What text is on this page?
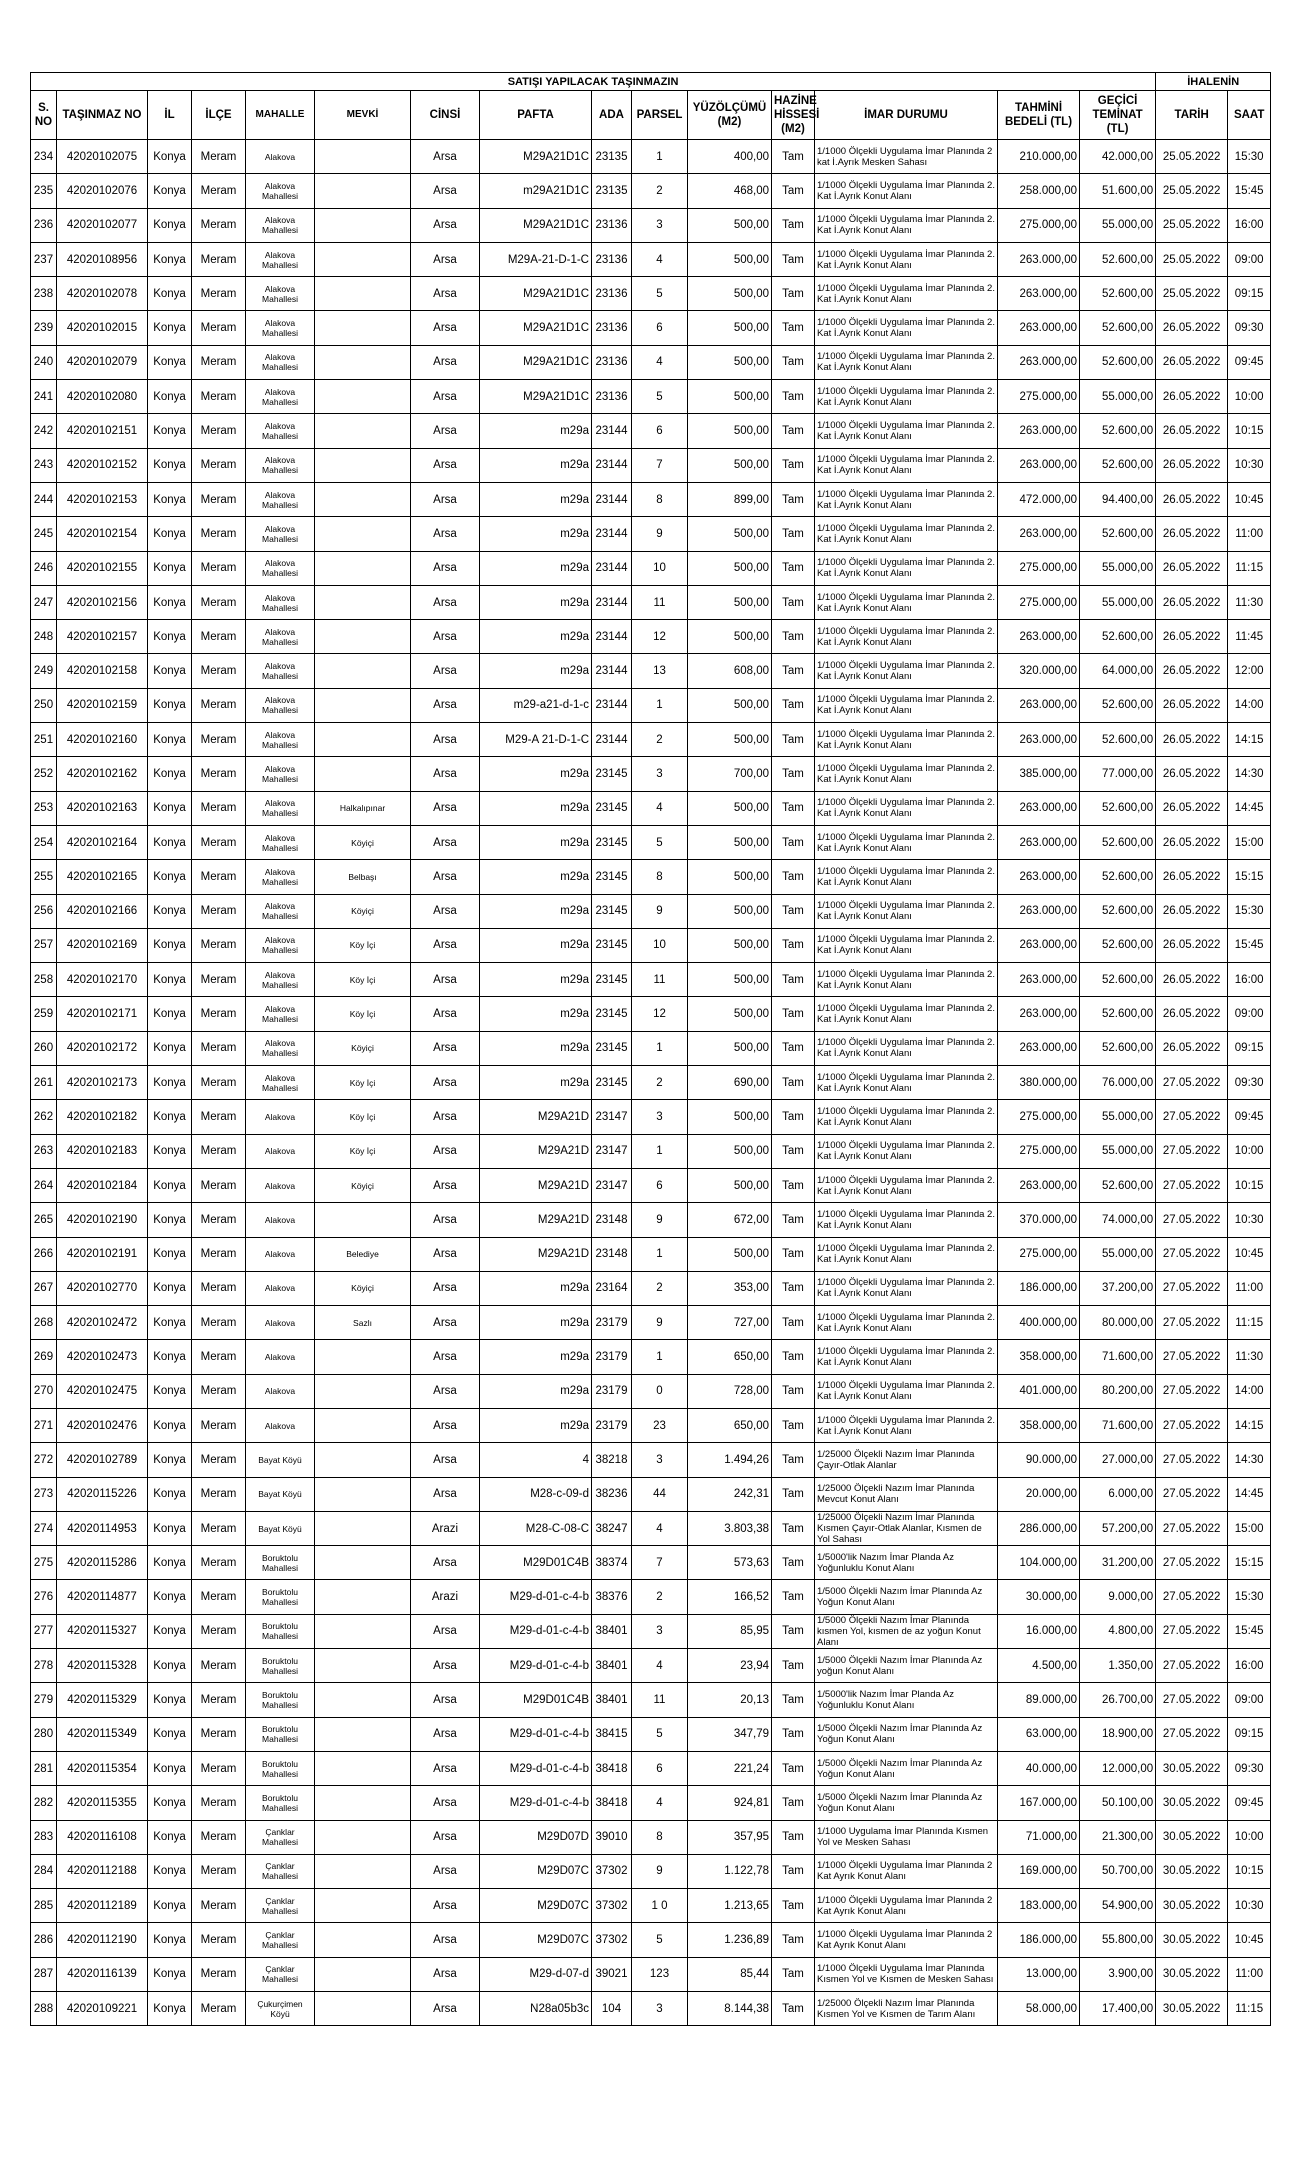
SATIŞI YAPILACAK TAŞINMAZIN															İHALENİN	
S. NO	TAŞINMAZ NO	İL	İLÇE	MAHALLE	MEVKİ	CİNSİ	PAFTA	ADA	PARSEL	YÜZÖLÇÜMÜ (M2)	HAZİNE HİSSESİ (M2)	İMAR DURUMU	TAHMİNİ BEDELİ (TL)	GEÇİCİ TEMİNAT (TL)	TARİH	SAAT
234	42020102075	Konya	Meram	Alakova		Arsa	M29A21D1C	23135	1	400,00	Tam	1/1000 Ölçekli Uygulama İmar Planında 2 kat İ.Ayrık Mesken Sahası	210.000,00	42.000,00	25.05.2022	15:30
235	42020102076	Konya	Meram	Alakova Mahallesi		Arsa	m29A21D1C	23135	2	468,00	Tam	1/1000 Ölçekli Uygulama İmar Planında 2. Kat İ.Ayrık Konut Alanı	258.000,00	51.600,00	25.05.2022	15:45
236	42020102077	Konya	Meram	Alakova Mahallesi		Arsa	M29A21D1C	23136	3	500,00	Tam	1/1000 Ölçekli Uygulama İmar Planında 2. Kat İ.Ayrık Konut Alanı	275.000,00	55.000,00	25.05.2022	16:00
237	42020108956	Konya	Meram	Alakova Mahallesi		Arsa	M29A-21-D-1-C	23136	4	500,00	Tam	1/1000 Ölçekli Uygulama İmar Planında 2. Kat İ.Ayrık Konut Alanı	263.000,00	52.600,00	25.05.2022	09:00
238	42020102078	Konya	Meram	Alakova Mahallesi		Arsa	M29A21D1C	23136	5	500,00	Tam	1/1000 Ölçekli Uygulama İmar Planında 2. Kat İ.Ayrık Konut Alanı	263.000,00	52.600,00	25.05.2022	09:15
239	42020102015	Konya	Meram	Alakova Mahallesi		Arsa	M29A21D1C	23136	6	500,00	Tam	1/1000 Ölçekli Uygulama İmar Planında 2. Kat İ.Ayrık Konut Alanı	263.000,00	52.600,00	26.05.2022	09:30
240	42020102079	Konya	Meram	Alakova Mahallesi		Arsa	M29A21D1C	23136	4	500,00	Tam	1/1000 Ölçekli Uygulama İmar Planında 2. Kat İ.Ayrık Konut Alanı	263.000,00	52.600,00	26.05.2022	09:45
241	42020102080	Konya	Meram	Alakova Mahallesi		Arsa	M29A21D1C	23136	5	500,00	Tam	1/1000 Ölçekli Uygulama İmar Planında 2. Kat İ.Ayrık Konut Alanı	275.000,00	55.000,00	26.05.2022	10:00
242	42020102151	Konya	Meram	Alakova Mahallesi		Arsa	m29a	23144	6	500,00	Tam	1/1000 Ölçekli Uygulama İmar Planında 2. Kat İ.Ayrık Konut Alanı	263.000,00	52.600,00	26.05.2022	10:15
243	42020102152	Konya	Meram	Alakova Mahallesi		Arsa	m29a	23144	7	500,00	Tam	1/1000 Ölçekli Uygulama İmar Planında 2. Kat İ.Ayrık Konut Alanı	263.000,00	52.600,00	26.05.2022	10:30
244	42020102153	Konya	Meram	Alakova Mahallesi		Arsa	m29a	23144	8	899,00	Tam	1/1000 Ölçekli Uygulama İmar Planında 2. Kat İ.Ayrık Konut Alanı	472.000,00	94.400,00	26.05.2022	10:45
245	42020102154	Konya	Meram	Alakova Mahallesi		Arsa	m29a	23144	9	500,00	Tam	1/1000 Ölçekli Uygulama İmar Planında 2. Kat İ.Ayrık Konut Alanı	263.000,00	52.600,00	26.05.2022	11:00
246	42020102155	Konya	Meram	Alakova Mahallesi		Arsa	m29a	23144	10	500,00	Tam	1/1000 Ölçekli Uygulama İmar Planında 2. Kat İ.Ayrık Konut Alanı	275.000,00	55.000,00	26.05.2022	11:15
247	42020102156	Konya	Meram	Alakova Mahallesi		Arsa	m29a	23144	11	500,00	Tam	1/1000 Ölçekli Uygulama İmar Planında 2. Kat İ.Ayrık Konut Alanı	275.000,00	55.000,00	26.05.2022	11:30
248	42020102157	Konya	Meram	Alakova Mahallesi		Arsa	m29a	23144	12	500,00	Tam	1/1000 Ölçekli Uygulama İmar Planında 2. Kat İ.Ayrık Konut Alanı	263.000,00	52.600,00	26.05.2022	11:45
249	42020102158	Konya	Meram	Alakova Mahallesi		Arsa	m29a	23144	13	608,00	Tam	1/1000 Ölçekli Uygulama İmar Planında 2. Kat İ.Ayrık Konut Alanı	320.000,00	64.000,00	26.05.2022	12:00
250	42020102159	Konya	Meram	Alakova Mahallesi		Arsa	m29-a21-d-1-c	23144	1	500,00	Tam	1/1000 Ölçekli Uygulama İmar Planında 2. Kat İ.Ayrık Konut Alanı	263.000,00	52.600,00	26.05.2022	14:00
251	42020102160	Konya	Meram	Alakova Mahallesi		Arsa	M29-A 21-D-1-C	23144	2	500,00	Tam	1/1000 Ölçekli Uygulama İmar Planında 2. Kat İ.Ayrık Konut Alanı	263.000,00	52.600,00	26.05.2022	14:15
252	42020102162	Konya	Meram	Alakova Mahallesi		Arsa	m29a	23145	3	700,00	Tam	1/1000 Ölçekli Uygulama İmar Planında 2. Kat İ.Ayrık Konut Alanı	385.000,00	77.000,00	26.05.2022	14:30
253	42020102163	Konya	Meram	Alakova Mahallesi	Halkalıpınar	Arsa	m29a	23145	4	500,00	Tam	1/1000 Ölçekli Uygulama İmar Planında 2. Kat İ.Ayrık Konut Alanı	263.000,00	52.600,00	26.05.2022	14:45
254	42020102164	Konya	Meram	Alakova Mahallesi	Köyiçi	Arsa	m29a	23145	5	500,00	Tam	1/1000 Ölçekli Uygulama İmar Planında 2. Kat İ.Ayrık Konut Alanı	263.000,00	52.600,00	26.05.2022	15:00
255	42020102165	Konya	Meram	Alakova Mahallesi	Belbaşı	Arsa	m29a	23145	8	500,00	Tam	1/1000 Ölçekli Uygulama İmar Planında 2. Kat İ.Ayrık Konut Alanı	263.000,00	52.600,00	26.05.2022	15:15
256	42020102166	Konya	Meram	Alakova Mahallesi	Köyiçi	Arsa	m29a	23145	9	500,00	Tam	1/1000 Ölçekli Uygulama İmar Planında 2. Kat İ.Ayrık Konut Alanı	263.000,00	52.600,00	26.05.2022	15:30
257	42020102169	Konya	Meram	Alakova Mahallesi	Köy İçi	Arsa	m29a	23145	10	500,00	Tam	1/1000 Ölçekli Uygulama İmar Planında 2. Kat İ.Ayrık Konut Alanı	263.000,00	52.600,00	26.05.2022	15:45
258	42020102170	Konya	Meram	Alakova Mahallesi	Köy İçi	Arsa	m29a	23145	11	500,00	Tam	1/1000 Ölçekli Uygulama İmar Planında 2. Kat İ.Ayrık Konut Alanı	263.000,00	52.600,00	26.05.2022	16:00
259	42020102171	Konya	Meram	Alakova Mahallesi	Köy İçi	Arsa	m29a	23145	12	500,00	Tam	1/1000 Ölçekli Uygulama İmar Planında 2. Kat İ.Ayrık Konut Alanı	263.000,00	52.600,00	26.05.2022	09:00
260	42020102172	Konya	Meram	Alakova Mahallesi	Köyiçi	Arsa	m29a	23145	1	500,00	Tam	1/1000 Ölçekli Uygulama İmar Planında 2. Kat İ.Ayrık Konut Alanı	263.000,00	52.600,00	26.05.2022	09:15
261	42020102173	Konya	Meram	Alakova Mahallesi	Köy İçi	Arsa	m29a	23145	2	690,00	Tam	1/1000 Ölçekli Uygulama İmar Planında 2. Kat İ.Ayrık Konut Alanı	380.000,00	76.000,00	27.05.2022	09:30
262	42020102182	Konya	Meram	Alakova	Köy İçi	Arsa	M29A21D	23147	3	500,00	Tam	1/1000 Ölçekli Uygulama İmar Planında 2. Kat İ.Ayrık Konut Alanı	275.000,00	55.000,00	27.05.2022	09:45
263	42020102183	Konya	Meram	Alakova	Köy İçi	Arsa	M29A21D	23147	1	500,00	Tam	1/1000 Ölçekli Uygulama İmar Planında 2. Kat İ.Ayrık Konut Alanı	275.000,00	55.000,00	27.05.2022	10:00
264	42020102184	Konya	Meram	Alakova	Köyiçi	Arsa	M29A21D	23147	6	500,00	Tam	1/1000 Ölçekli Uygulama İmar Planında 2. Kat İ.Ayrık Konut Alanı	263.000,00	52.600,00	27.05.2022	10:15
265	42020102190	Konya	Meram	Alakova		Arsa	M29A21D	23148	9	672,00	Tam	1/1000 Ölçekli Uygulama İmar Planında 2. Kat İ.Ayrık Konut Alanı	370.000,00	74.000,00	27.05.2022	10:30
266	42020102191	Konya	Meram	Alakova	Belediye	Arsa	M29A21D	23148	1	500,00	Tam	1/1000 Ölçekli Uygulama İmar Planında 2. Kat İ.Ayrık Konut Alanı	275.000,00	55.000,00	27.05.2022	10:45
267	42020102770	Konya	Meram	Alakova	Köyiçi	Arsa	m29a	23164	2	353,00	Tam	1/1000 Ölçekli Uygulama İmar Planında 2. Kat İ.Ayrık Konut Alanı	186.000,00	37.200,00	27.05.2022	11:00
268	42020102472	Konya	Meram	Alakova	Sazlı	Arsa	m29a	23179	9	727,00	Tam	1/1000 Ölçekli Uygulama İmar Planında 2. Kat İ.Ayrık Konut Alanı	400.000,00	80.000,00	27.05.2022	11:15
269	42020102473	Konya	Meram	Alakova		Arsa	m29a	23179	1	650,00	Tam	1/1000 Ölçekli Uygulama İmar Planında 2. Kat İ.Ayrık Konut Alanı	358.000,00	71.600,00	27.05.2022	11:30
270	42020102475	Konya	Meram	Alakova		Arsa	m29a	23179	0	728,00	Tam	1/1000 Ölçekli Uygulama İmar Planında 2. Kat İ.Ayrık Konut Alanı	401.000,00	80.200,00	27.05.2022	14:00
271	42020102476	Konya	Meram	Alakova		Arsa	m29a	23179	23	650,00	Tam	1/1000 Ölçekli Uygulama İmar Planında 2. Kat İ.Ayrık Konut Alanı	358.000,00	71.600,00	27.05.2022	14:15
272	42020102789	Konya	Meram	Bayat Köyü		Arsa	4	38218	3	1.494,26	Tam	1/25000 Ölçekli Nazım İmar Planında Çayır-Otlak Alanlar	90.000,00	27.000,00	27.05.2022	14:30
273	42020115226	Konya	Meram	Bayat Köyü		Arsa	M28-c-09-d	38236	44	242,31	Tam	1/25000 Ölçekli Nazım İmar Planında Mevcut Konut Alanı	20.000,00	6.000,00	27.05.2022	14:45
274	42020114953	Konya	Meram	Bayat Köyü		Arazi	M28-C-08-C	38247	4	3.803,38	Tam	1/25000 Ölçekli Nazım İmar Planında Kısmen Çayır-Otlak Alanlar, Kısmen de Yol Sahası	286.000,00	57.200,00	27.05.2022	15:00
275	42020115286	Konya	Meram	Boruktolu Mahallesi		Arsa	M29D01C4B	38374	7	573,63	Tam	1/5000'lik Nazım İmar Planda Az Yoğunluklu Konut Alanı	104.000,00	31.200,00	27.05.2022	15:15
276	42020114877	Konya	Meram	Boruktolu Mahallesi		Arazi	M29-d-01-c-4-b	38376	2	166,52	Tam	1/5000 Ölçekli Nazım İmar Planında Az Yoğun Konut Alanı	30.000,00	9.000,00	27.05.2022	15:30
277	42020115327	Konya	Meram	Boruktolu Mahallesi		Arsa	M29-d-01-c-4-b	38401	3	85,95	Tam	1/5000 Ölçekli Nazım İmar Planında kısmen Yol, kısmen de az yoğun Konut Alanı	16.000,00	4.800,00	27.05.2022	15:45
278	42020115328	Konya	Meram	Boruktolu Mahallesi		Arsa	M29-d-01-c-4-b	38401	4	23,94	Tam	1/5000 Ölçekli Nazım İmar Planında Az yoğun Konut Alanı	4.500,00	1.350,00	27.05.2022	16:00
279	42020115329	Konya	Meram	Boruktolu Mahallesi		Arsa	M29D01C4B	38401	11	20,13	Tam	1/5000'lik Nazım İmar Planda Az Yoğunluklu Konut Alanı	89.000,00	26.700,00	27.05.2022	09:00
280	42020115349	Konya	Meram	Boruktolu Mahallesi		Arsa	M29-d-01-c-4-b	38415	5	347,79	Tam	1/5000 Ölçekli Nazım İmar Planında Az Yoğun Konut Alanı	63.000,00	18.900,00	27.05.2022	09:15
281	42020115354	Konya	Meram	Boruktolu Mahallesi		Arsa	M29-d-01-c-4-b	38418	6	221,24	Tam	1/5000 Ölçekli Nazım İmar Planında Az Yoğun Konut Alanı	40.000,00	12.000,00	30.05.2022	09:30
282	42020115355	Konya	Meram	Boruktolu Mahallesi		Arsa	M29-d-01-c-4-b	38418	4	924,81	Tam	1/5000 Ölçekli Nazım İmar Planında Az Yoğun Konut Alanı	167.000,00	50.100,00	30.05.2022	09:45
283	42020116108	Konya	Meram	Çanklar Mahallesi		Arsa	M29D07D	39010	8	357,95	Tam	1/1000 Uygulama İmar Planında Kısmen Yol ve Mesken Sahası	71.000,00	21.300,00	30.05.2022	10:00
284	42020112188	Konya	Meram	Çanklar Mahallesi		Arsa	M29D07C	37302	9	1.122,78	Tam	1/1000 Ölçekli Uygulama İmar Planında 2 Kat Ayrık Konut Alanı	169.000,00	50.700,00	30.05.2022	10:15
285	42020112189	Konya	Meram	Çanklar Mahallesi		Arsa	M29D07C	37302	1 0	1.213,65	Tam	1/1000 Ölçekli Uygulama İmar Planında 2 Kat Ayrık Konut Alanı	183.000,00	54.900,00	30.05.2022	10:30
286	42020112190	Konya	Meram	Çanklar Mahallesi		Arsa	M29D07C	37302	5	1.236,89	Tam	1/1000 Ölçekli Uygulama İmar Planında 2 Kat Ayrık Konut Alanı	186.000,00	55.800,00	30.05.2022	10:45
287	42020116139	Konya	Meram	Çanklar Mahallesi		Arsa	M29-d-07-d	39021	123	85,44	Tam	1/1000 Ölçekli Uygulama İmar Planında Kısmen Yol ve Kısmen de Mesken Sahası	13.000,00	3.900,00	30.05.2022	11:00
288	42020109221	Konya	Meram	Çukurçimen Köyü		Arsa	N28a05b3c	104	3	8.144,38	Tam	1/25000 Ölçekli Nazım İmar Planında Kısmen Yol ve Kısmen de Tarım Alanı	58.000,00	17.400,00	30.05.2022	11:15
